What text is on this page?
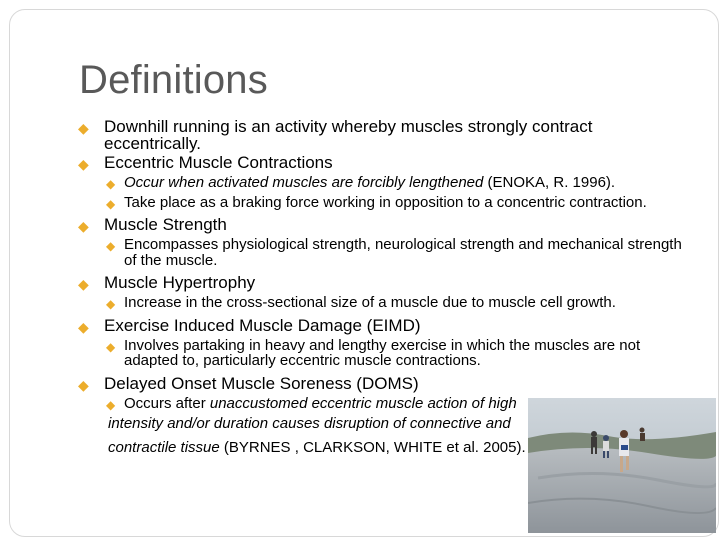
Definitions
◆ Downhill running is an activity whereby muscles strongly contract eccentrically.
◆ Eccentric Muscle Contractions
◆ Occur when activated muscles are forcibly lengthened (ENOKA, R. 1996).
◆ Take place as a braking force working in opposition to a concentric contraction.
◆ Muscle Strength
◆ Encompasses physiological strength, neurological strength and mechanical strength of the muscle.
◆ Muscle Hypertrophy
◆ Increase in the cross-sectional size of a muscle due to muscle cell growth.
◆ Exercise Induced Muscle Damage (EIMD)
◆ Involves partaking in heavy and lengthy exercise in which the muscles are not adapted to, particularly eccentric muscle contractions.
◆ Delayed Onset Muscle Soreness (DOMS)
◆ Occurs after unaccustomed eccentric muscle action of high
intensity and/or duration causes disruption of connective and
contractile tissue (BYRNES , CLARKSON, WHITE et al. 2005).
